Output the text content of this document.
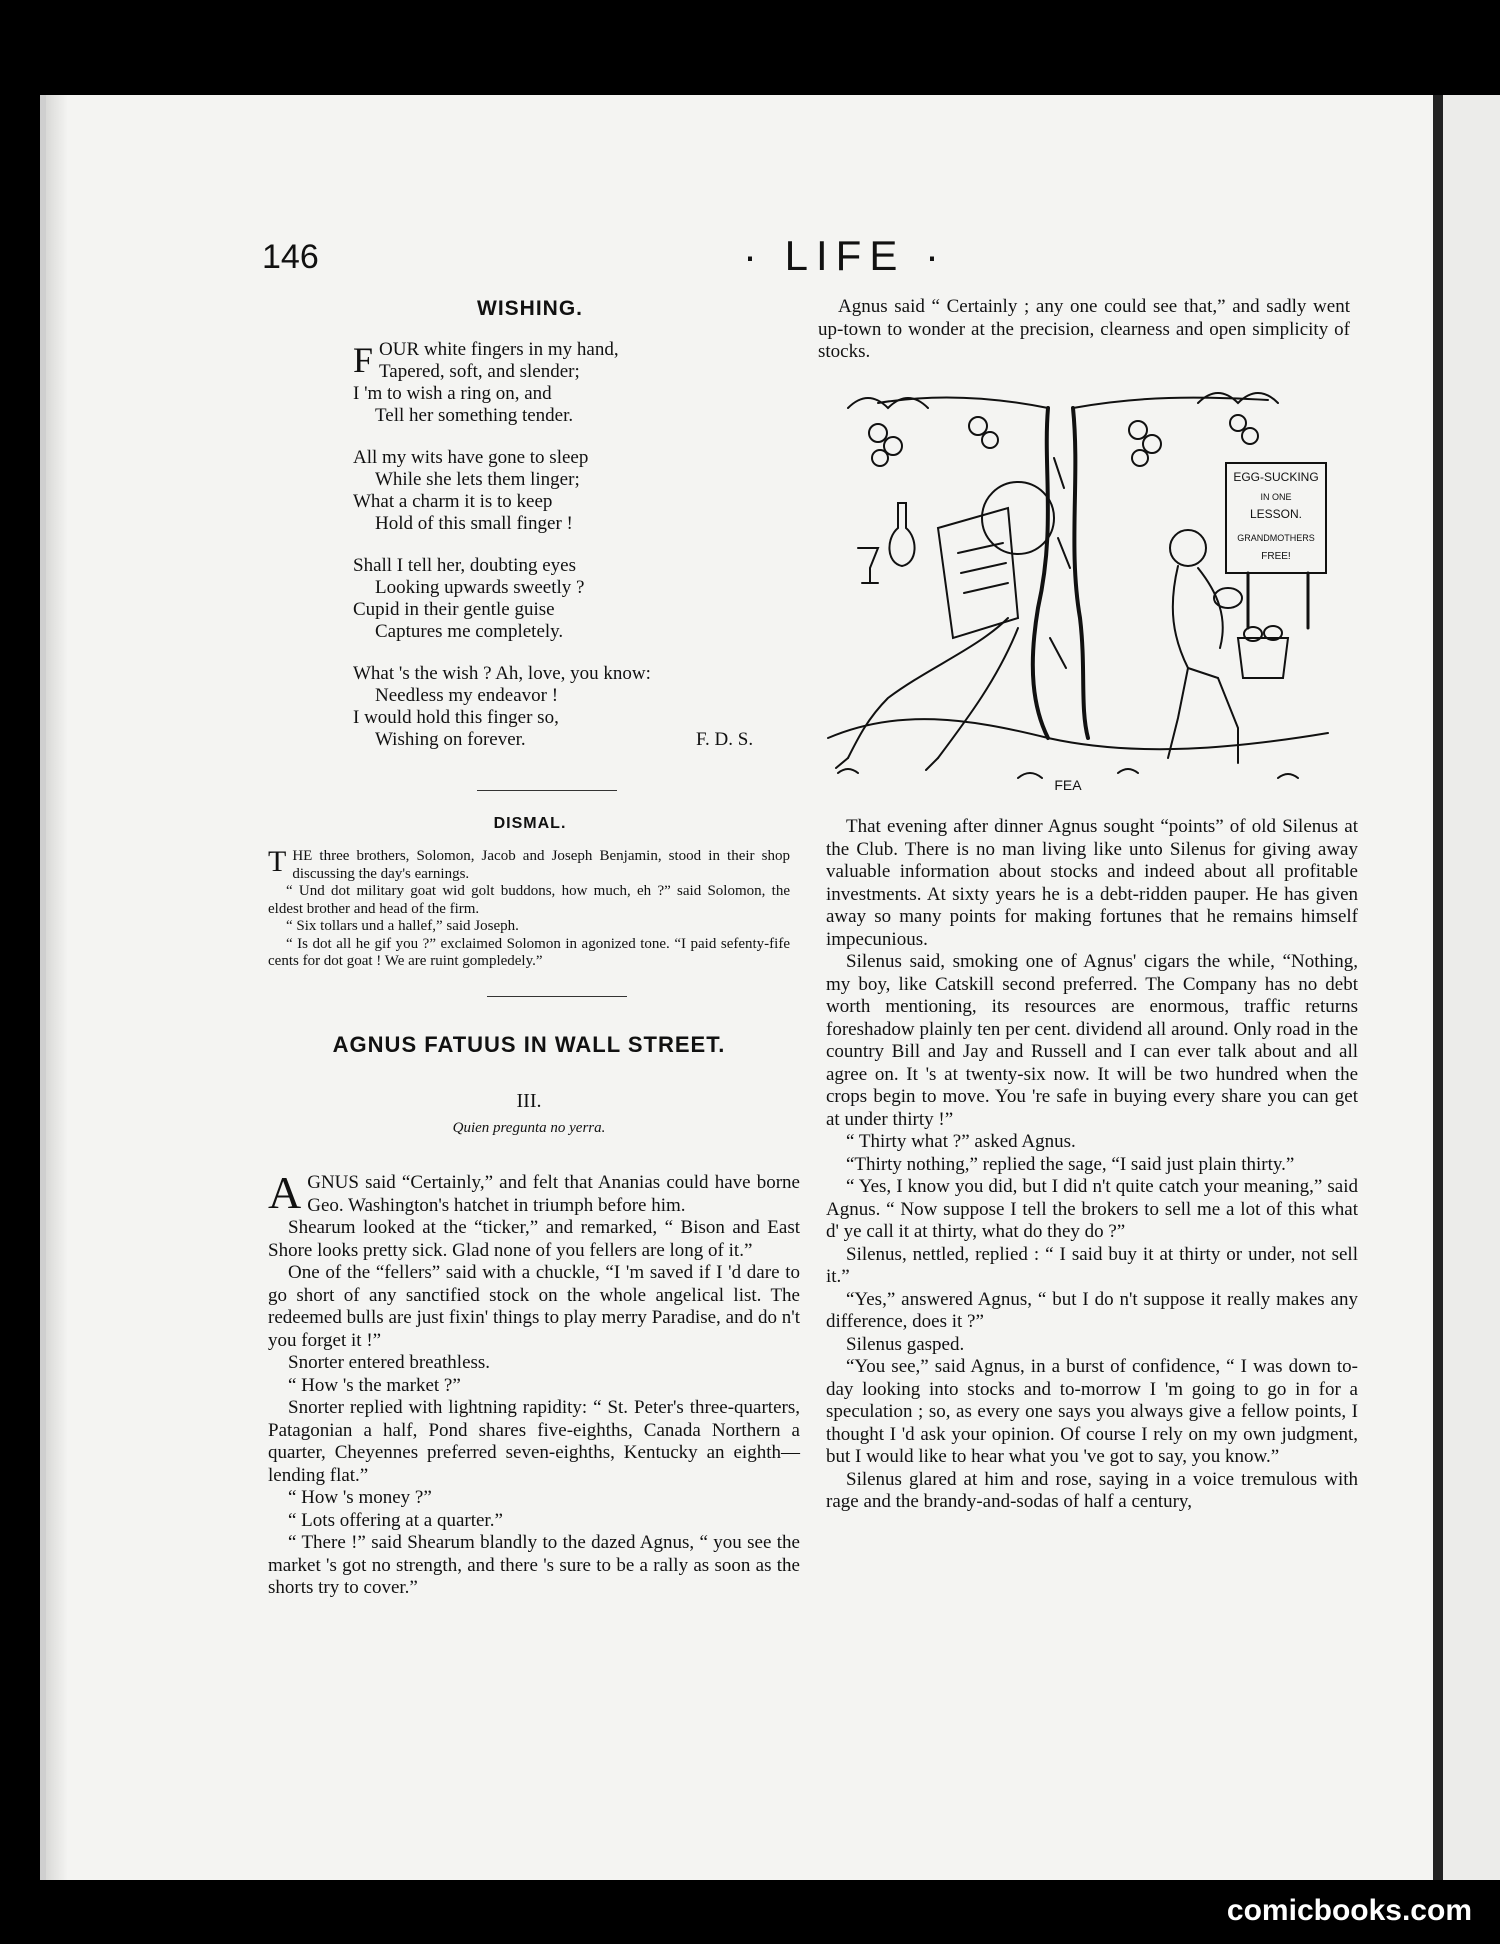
146	· LIFE ·
WISHING.
F OUR white fingers in my hand,
Tapered, soft, and slender;
I 'm to wish a ring on, and
Tell her something tender.
All my wits have gone to sleep
While she lets them linger;
What a charm it is to keep
Hold of this small finger !
Shall I tell her, doubting eyes
Looking upwards sweetly ?
Cupid in their gentle guise
Captures me completely.
What 's the wish ? Ah, love, you know:
Needless my endeavor !
I would hold this finger so,
Wishing on forever.	F. D. S.
DISMAL.

THE three brothers, Solomon, Jacob and Joseph Benjamin, stood in their shop discussing the day's earnings.

“ Und dot military goat wid golt buddons, how much, eh ?” said Solomon, the eldest brother and head of the firm.

“ Six tollars und a hallef,” said Joseph.

“ Is dot all he gif you ?” exclaimed Solomon in agonized tone. “I paid sefenty-fife cents for dot goat ! We are ruint gompledely.”

AGNUS FATUUS IN WALL STREET.
III.
Quien pregunta no yerra.

AGNUS said “Certainly,” and felt that Ananias could have borne Geo. Washington's hatchet in triumph before him.

Shearum looked at the “ticker,” and remarked, “ Bison and East Shore looks pretty sick. Glad none of you fellers are long of it.”

One of the “fellers” said with a chuckle, “I 'm saved if I 'd dare to go short of any sanctified stock on the whole angelical list. The redeemed bulls are just fixin' things to play merry Paradise, and do n't you forget it !”

Snorter entered breathless.

“ How 's the market ?”

Snorter replied with lightning rapidity: “ St. Peter's three-quarters, Patagonian a half, Pond shares five-eighths, Canada Northern a quarter, Cheyennes preferred seven-eighths, Kentucky an eighth—lending flat.”

“ How 's money ?”

“ Lots offering at a quarter.”

“ There !” said Shearum blandly to the dazed Agnus, “ you see the market 's got no strength, and there 's sure to be a rally as soon as the shorts try to cover.”

Agnus said “ Certainly ; any one could see that,” and sadly went up-town to wonder at the precision, clearness and open simplicity of stocks.

EGG-SUCKING
IN ONE
LESSON.
GRANDMOTHERS
FREE!
FEA

That evening after dinner Agnus sought “points” of old Silenus at the Club. There is no man living like unto Silenus for giving away valuable information about stocks and indeed about all profitable investments. At sixty years he is a debt-ridden pauper. He has given away so many points for making fortunes that he remains himself impecunious.

Silenus said, smoking one of Agnus' cigars the while, “Nothing, my boy, like Catskill second preferred. The Company has no debt worth mentioning, its resources are enormous, traffic returns foreshadow plainly ten per cent. dividend all around. Only road in the country Bill and Jay and Russell and I can ever talk about and all agree on. It 's at twenty-six now. It will be two hundred when the crops begin to move. You 're safe in buying every share you can get at under thirty !”

“ Thirty what ?” asked Agnus.

“Thirty nothing,” replied the sage, “I said just plain thirty.”

“ Yes, I know you did, but I did n't quite catch your meaning,” said Agnus. “ Now suppose I tell the brokers to sell me a lot of this what d' ye call it at thirty, what do they do ?”

Silenus, nettled, replied : “ I said buy it at thirty or under, not sell it.”

“Yes,” answered Agnus, “ but I do n't suppose it really makes any difference, does it ?”

Silenus gasped.

“You see,” said Agnus, in a burst of confidence, “ I was down to-day looking into stocks and to-morrow I 'm going to go in for a speculation ; so, as every one says you always give a fellow points, I thought I 'd ask your opinion. Of course I rely on my own judgment, but I would like to hear what you 've got to say, you know.”

Silenus glared at him and rose, saying in a voice tremulous with rage and the brandy-and-sodas of half a century,

comicbooks.com
